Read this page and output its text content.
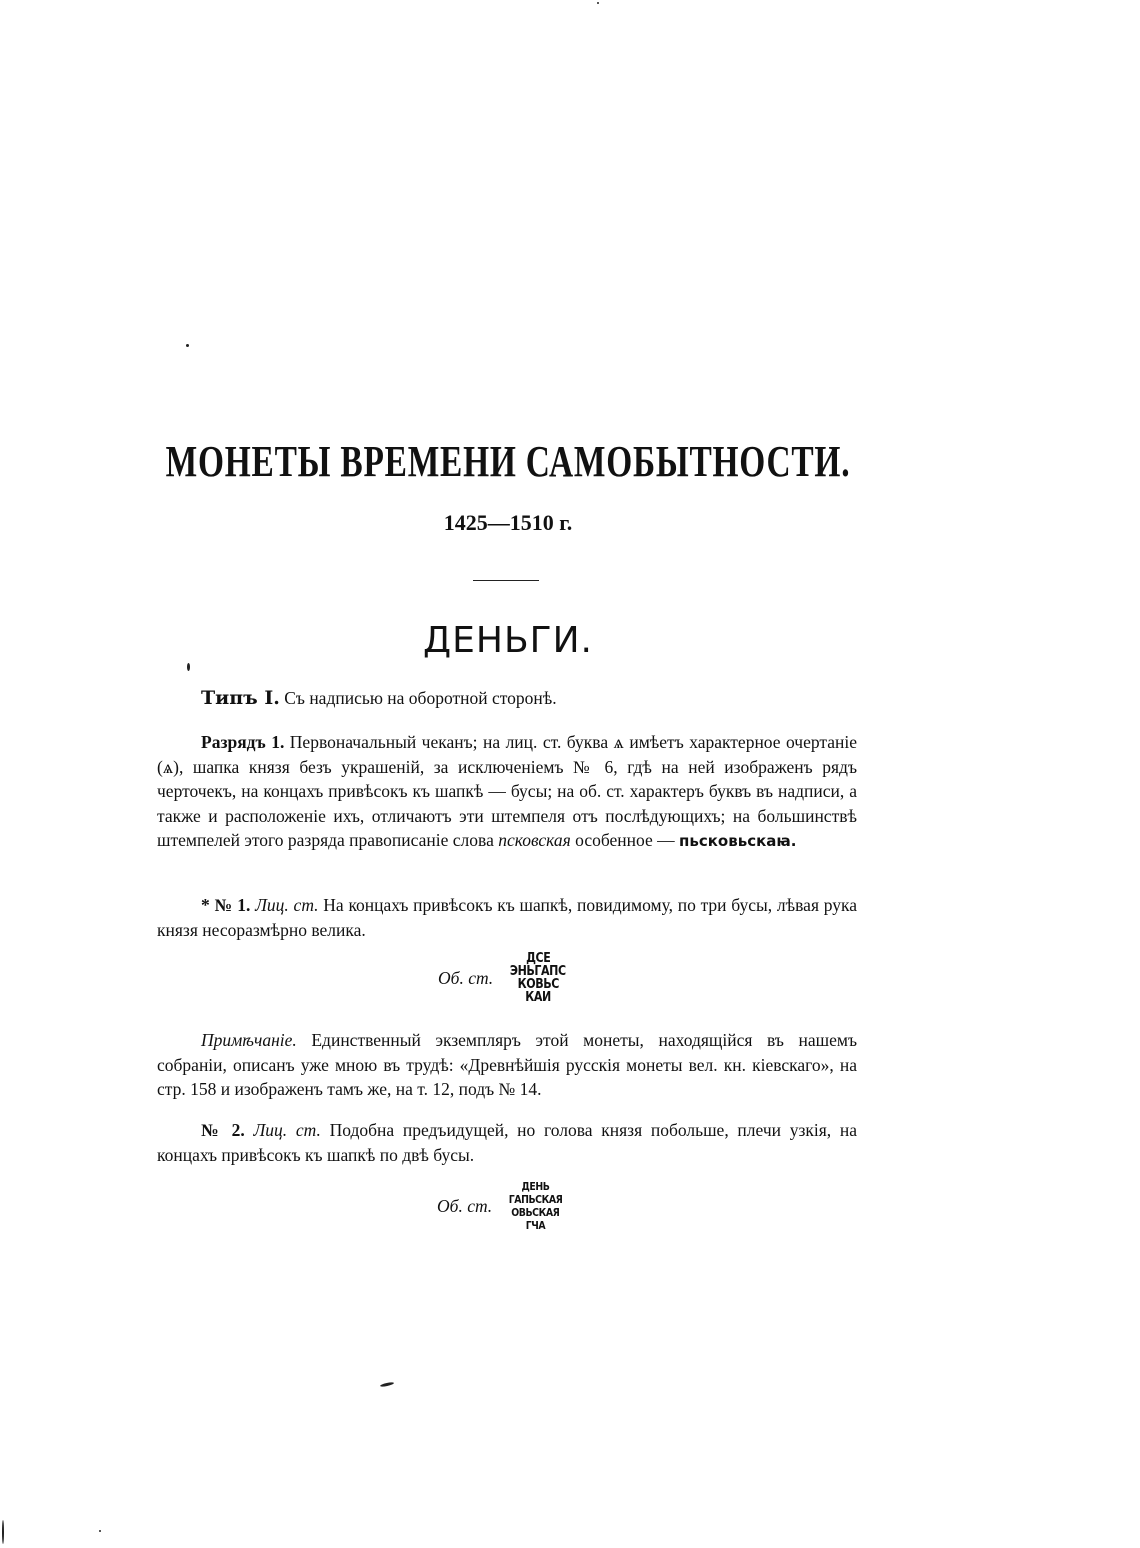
МОНЕТЫ ВРЕМЕНИ САМОБЫТНОСТИ.
1425—1510 г.
ДЕНЬГИ.

Типъ I. Съ надписью на оборотной сторонѣ.

Разрядъ 1. Первоначальный чеканъ; на лиц. ст. буква ѧ имѣетъ характерное очертаніе (ѧ), шапка князя безъ украшеній, за исключеніемъ № 6, гдѣ на ней изображенъ рядъ черточекъ, на концахъ привѣсокъ къ шапкѣ — бусы; на об. ст. характеръ буквъ въ надписи, а также и расположеніе ихъ, отличаютъ эти штемпеля отъ послѣдующихъ; на большинствѣ штемпелей этого разряда правописаніе слова псковская особенное — пьсковьскаꙗ.

* № 1. Лиц. ст. На концахъ привѣсокъ къ шапкѣ, повидимому, по три бусы, лѣвая рука князя несоразмѣрно велика.

Об. ст.
ДСЕ
ЭНЬГАПС
КОВЬС
КАИ

Примѣчаніе. Единственный экземпляръ этой монеты, находящійся въ нашемъ собраніи, описанъ уже мною въ трудѣ: «Древнѣйшія русскія монеты вел. кн. кіевскаго», на стр. 158 и изображенъ тамъ же, на т. 12, подъ № 14.

№ 2. Лиц. ст. Подобна предъидущей, но голова князя побольше, плечи узкія, на концахъ привѣсокъ къ шапкѣ по двѣ бусы.

Об. ст.
ДЕНЬ
ГАПЬСКАЯ
ОВЬСКАЯ
ГЧА
